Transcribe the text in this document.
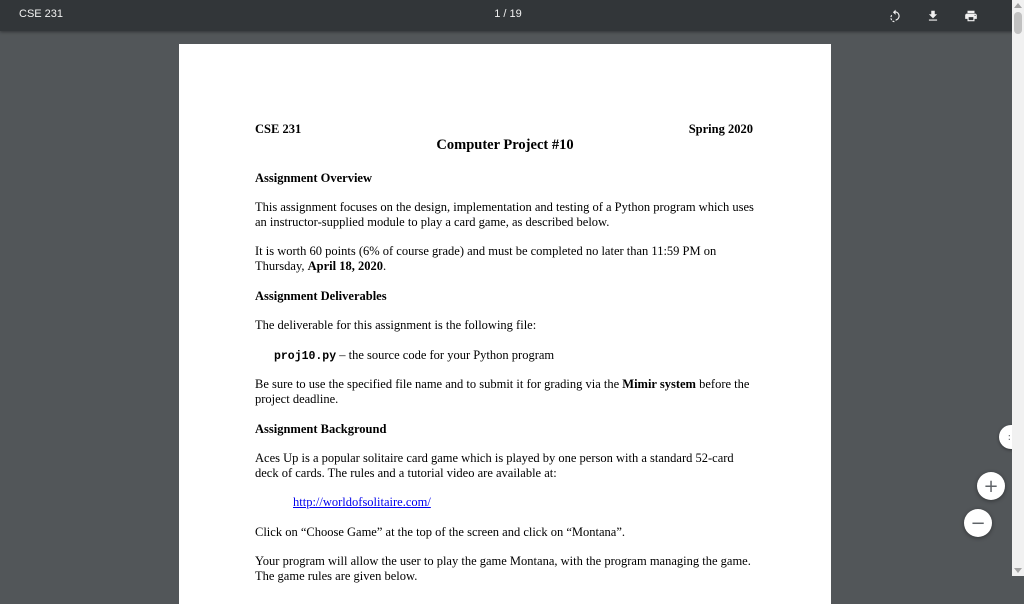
CSE 231	1 / 19
CSE 231	Spring 2020
Computer Project #10

Assignment Overview

This assignment focuses on the design, implementation and testing of a Python program which uses an instructor-supplied module to play a card game, as described below.

It is worth 60 points (6% of course grade) and must be completed no later than 11:59 PM on Thursday, April 18, 2020.

Assignment Deliverables

The deliverable for this assignment is the following file:

proj10.py – the source code for your Python program

Be sure to use the specified file name and to submit it for grading via the Mimir system before the project deadline.

Assignment Background

Aces Up is a popular solitaire card game which is played by one person with a standard 52-card deck of cards. The rules and a tutorial video are available at:

http://worldofsolitaire.com/

Click on “Choose Game” at the top of the screen and click on “Montana”.

Your program will allow the user to play the game Montana, with the program managing the game. The game rules are given below.

:
+
−
